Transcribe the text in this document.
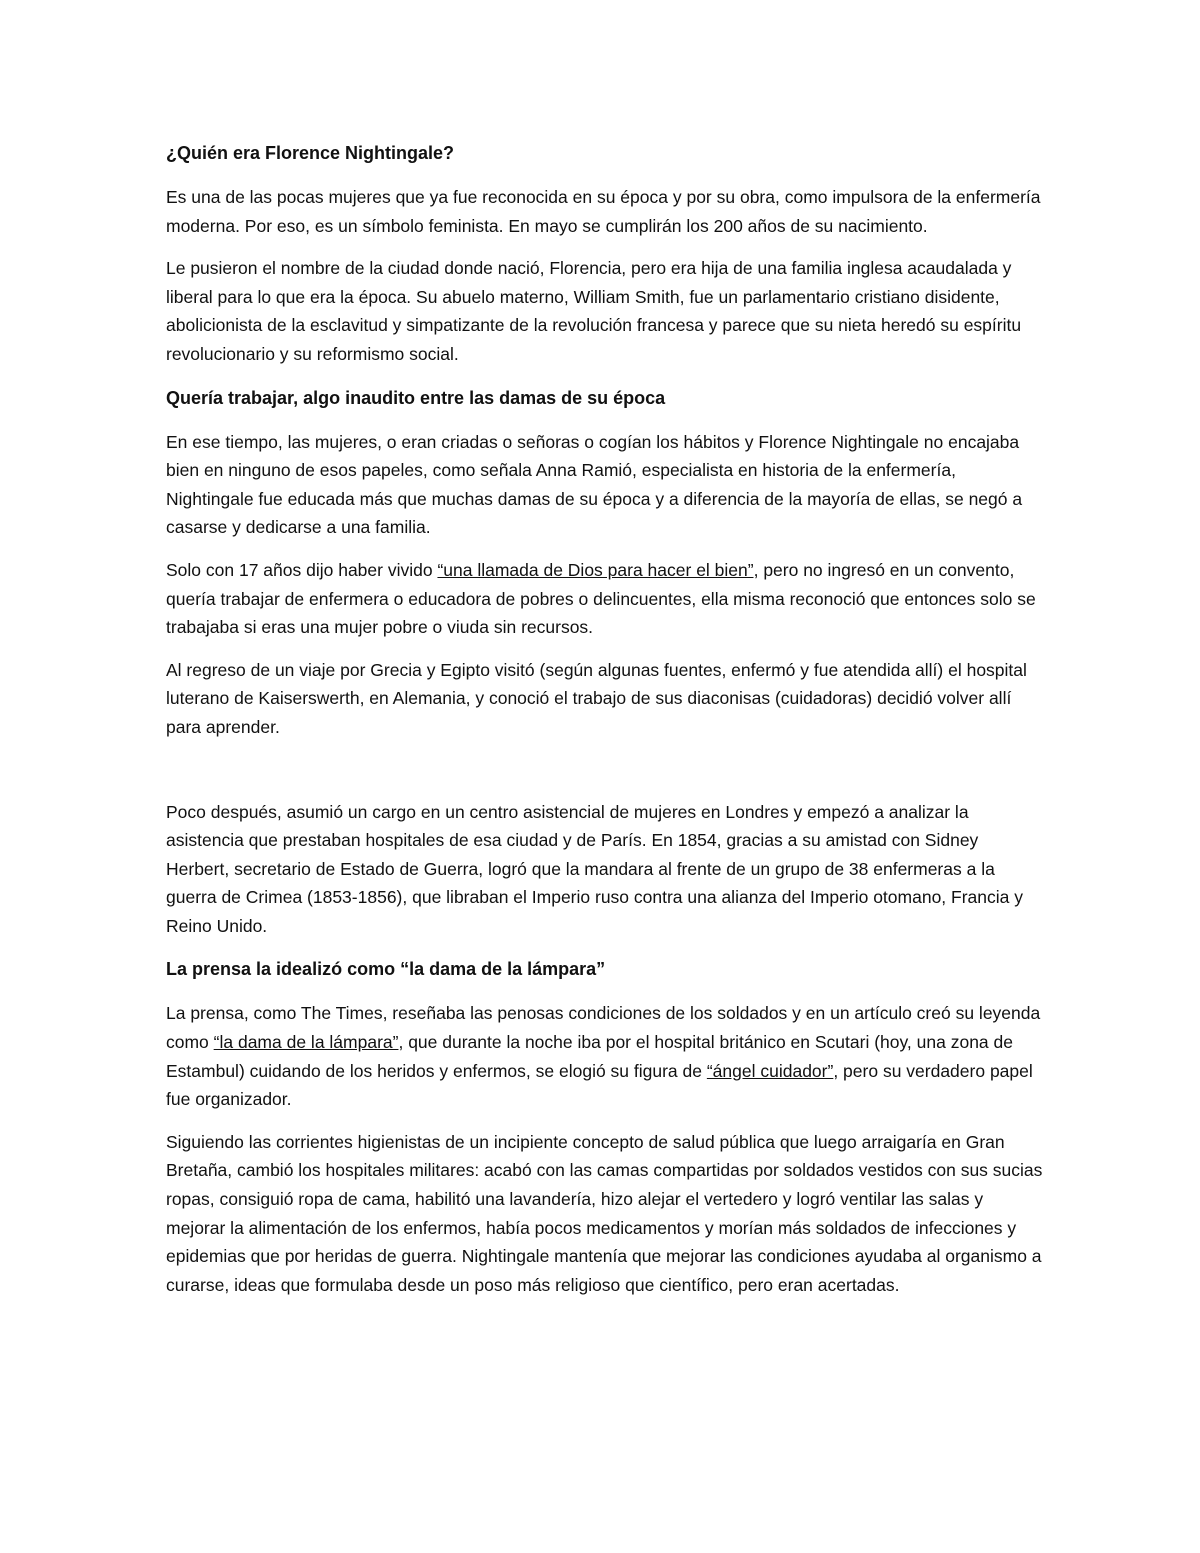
¿Quién era Florence Nightingale?

Es una de las pocas mujeres que ya fue reconocida en su época y por su obra, como impulsora de la enfermería moderna. Por eso, es un símbolo feminista. En mayo se cumplirán los 200 años de su nacimiento.

Le pusieron el nombre de la ciudad donde nació, Florencia, pero era hija de una familia inglesa acaudalada y liberal para lo que era la época. Su abuelo materno, William Smith, fue un parlamentario cristiano disidente, abolicionista de la esclavitud y simpatizante de la revolución francesa y parece que su nieta heredó su espíritu revolucionario y su reformismo social.

Quería trabajar, algo inaudito entre las damas de su época

En ese tiempo, las mujeres, o eran criadas o señoras o cogían los hábitos y Florence Nightingale no encajaba bien en ninguno de esos papeles, como señala Anna Ramió, especialista en historia de la enfermería, Nightingale fue educada más que muchas damas de su época y a diferencia de la mayoría de ellas, se negó a casarse y dedicarse a una familia.

Solo con 17 años dijo haber vivido “una llamada de Dios para hacer el bien”, pero no ingresó en un convento, quería trabajar de enfermera o educadora de pobres o delincuentes, ella misma reconoció que entonces solo se trabajaba si eras una mujer pobre o viuda sin recursos.

Al regreso de un viaje por Grecia y Egipto visitó (según algunas fuentes, enfermó y fue atendida allí) el hospital luterano de Kaiserswerth, en Alemania, y conoció el trabajo de sus diaconisas (cuidadoras) decidió volver allí para aprender.

Poco después, asumió un cargo en un centro asistencial de mujeres en Londres y empezó a analizar la asistencia que prestaban hospitales de esa ciudad y de París. En 1854, gracias a su amistad con Sidney Herbert, secretario de Estado de Guerra, logró que la mandara al frente de un grupo de 38 enfermeras a la guerra de Crimea (1853-1856), que libraban el Imperio ruso contra una alianza del Imperio otomano, Francia y Reino Unido.

La prensa la idealizó como “la dama de la lámpara”

La prensa, como The Times, reseñaba las penosas condiciones de los soldados y en un artículo creó su leyenda como “la dama de la lámpara”, que durante la noche iba por el hospital británico en Scutari (hoy, una zona de Estambul) cuidando de los heridos y enfermos, se elogió su figura de “ángel cuidador”, pero su verdadero papel fue organizador.

Siguiendo las corrientes higienistas de un incipiente concepto de salud pública que luego arraigaría en Gran Bretaña, cambió los hospitales militares: acabó con las camas compartidas por soldados vestidos con sus sucias ropas, consiguió ropa de cama, habilitó una lavandería, hizo alejar el vertedero y logró ventilar las salas y mejorar la alimentación de los enfermos, había pocos medicamentos y morían más soldados de infecciones y epidemias que por heridas de guerra. Nightingale mantenía que mejorar las condiciones ayudaba al organismo a curarse, ideas que formulaba desde un poso más religioso que científico, pero eran acertadas.
